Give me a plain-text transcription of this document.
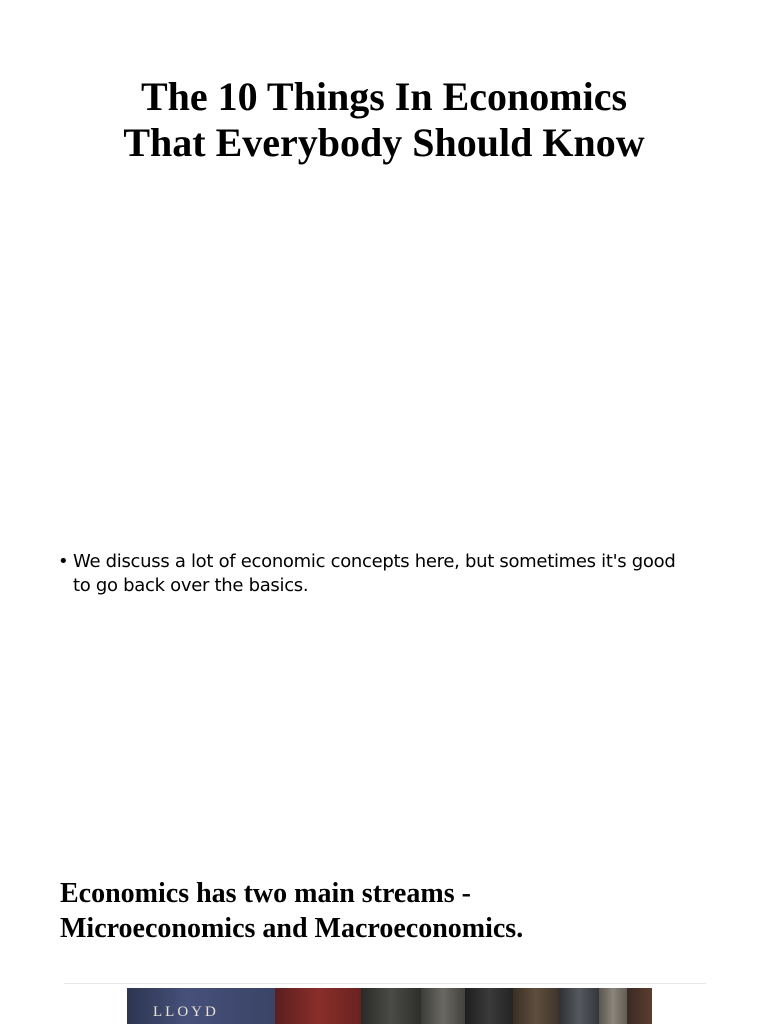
The 10 Things In Economics
That Everybody Should Know
• We discuss a lot of economic concepts here, but sometimes it's good
to go back over the basics.
Economics has two main streams -
Microeconomics and Macroeconomics.
LLOYD
